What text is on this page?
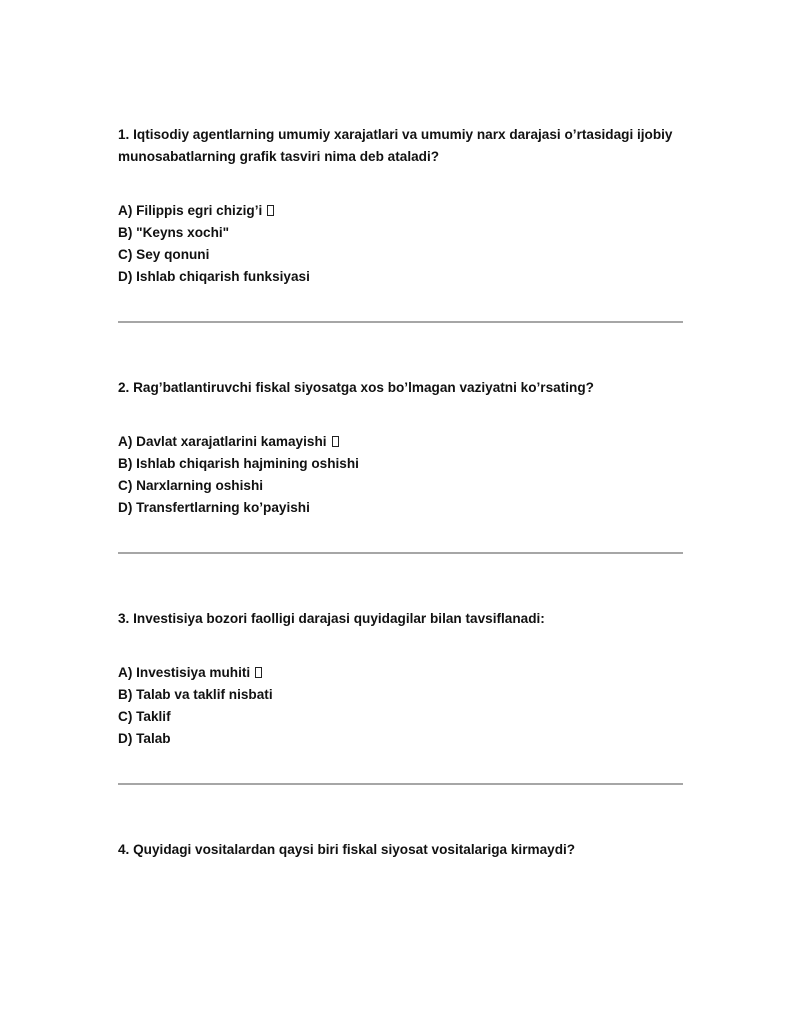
1. Iqtisodiy agentlarning umumiy xarajatlari va umumiy narx darajasi o’rtasidagi ijobiy munosabatlarning grafik tasviri nima deb ataladi?

A) Filippis egri chizig’i
B) "Keyns xochi"
C) Sey qonuni
D) Ishlab chiqarish funksiyasi

2. Rag’batlantiruvchi fiskal siyosatga xos bo’lmagan vaziyatni ko’rsating?

A) Davlat xarajatlarini kamayishi
B) Ishlab chiqarish hajmining oshishi
C) Narxlarning oshishi
D) Transfertlarning ko’payishi

3. Investisiya bozori faolligi darajasi quyidagilar bilan tavsiflanadi:

A) Investisiya muhiti
B) Talab va taklif nisbati
C) Taklif
D) Talab

4. Quyidagi vositalardan qaysi biri fiskal siyosat vositalariga kirmaydi?
